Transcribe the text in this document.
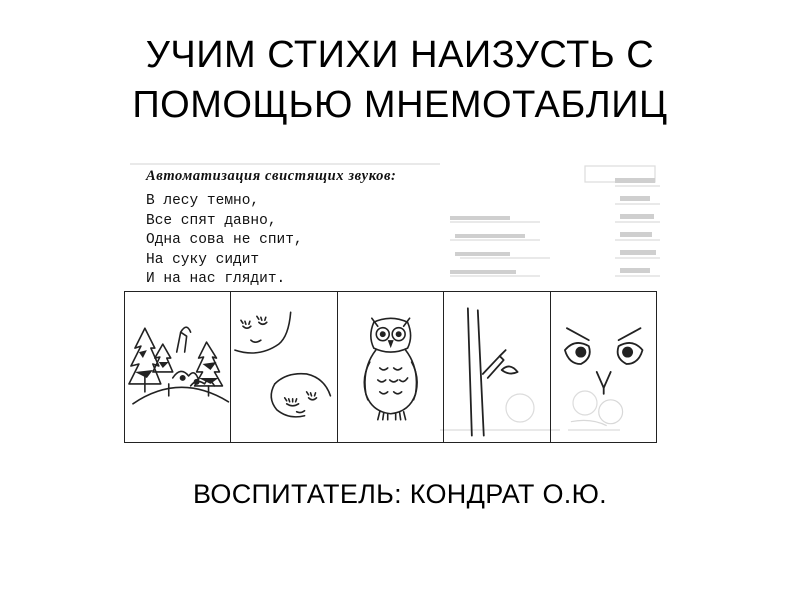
УЧИМ СТИХИ НАИЗУСТЬ С
ПОМОЩЬЮ МНЕМОТАБЛИЦ
Автоматизация свистящих звуков:
В лесу темно,
Все спят давно,
Одна сова не спит,
На суку сидит
И на нас глядит.
ВОСПИТАТЕЛЬ: КОНДРАТ О.Ю.
